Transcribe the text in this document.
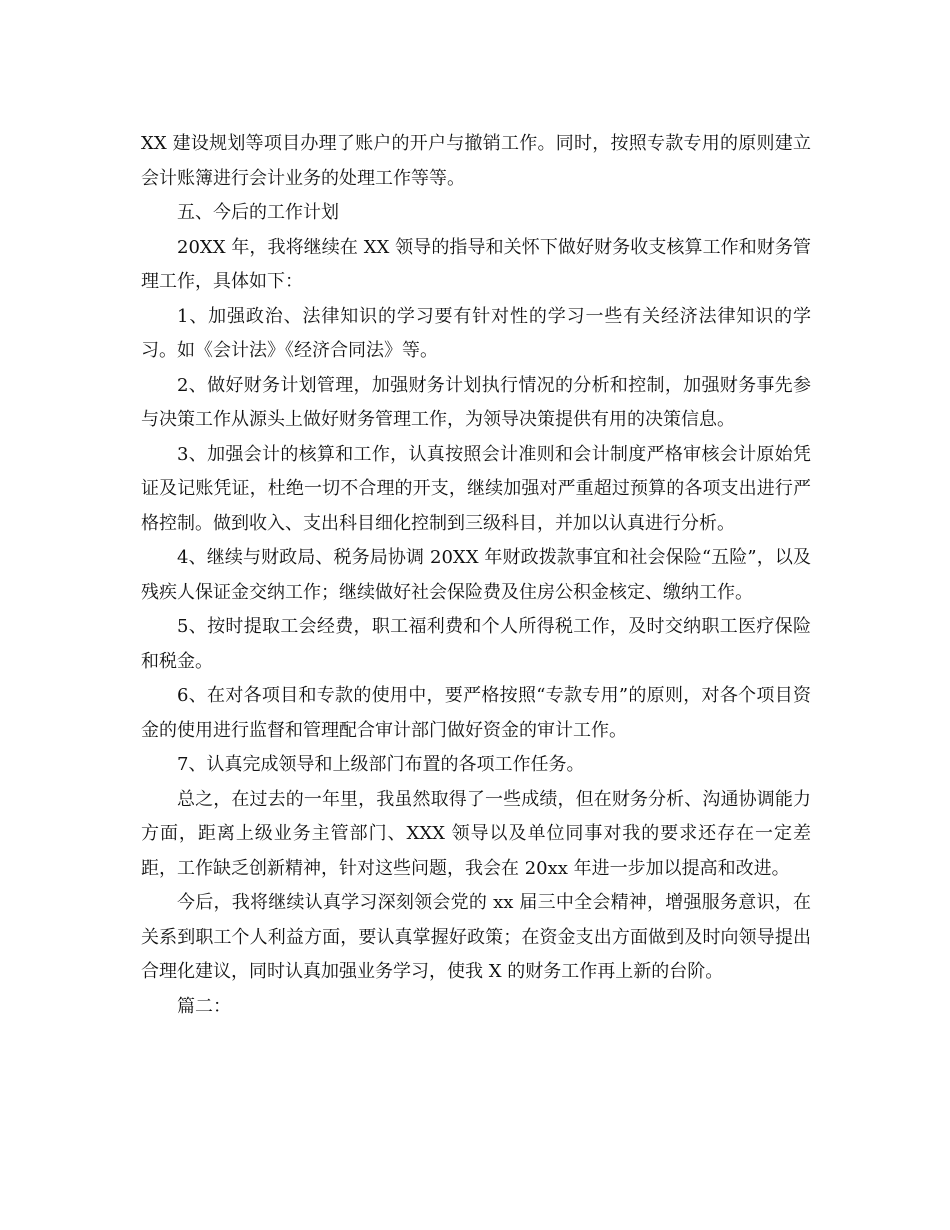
XX 建设规划等项目办理了账户的开户与撤销工作。同时，按照专款专用的原则建立会计账簿进行会计业务的处理工作等等。

五、今后的工作计划

20XX 年，我将继续在 XX 领导的指导和关怀下做好财务收支核算工作和财务管理工作，具体如下：

1、加强政治、法律知识的学习要有针对性的学习一些有关经济法律知识的学习。如《会计法》《经济合同法》等。

2、做好财务计划管理，加强财务计划执行情况的分析和控制，加强财务事先参与决策工作从源头上做好财务管理工作，为领导决策提供有用的决策信息。

3、加强会计的核算和工作，认真按照会计准则和会计制度严格审核会计原始凭证及记账凭证，杜绝一切不合理的开支，继续加强对严重超过预算的各项支出进行严格控制。做到收入、支出科目细化控制到三级科目，并加以认真进行分析。

4、继续与财政局、税务局协调 20XX 年财政拨款事宜和社会保险“五险”，以及残疾人保证金交纳工作；继续做好社会保险费及住房公积金核定、缴纳工作。

5、按时提取工会经费，职工福利费和个人所得税工作，及时交纳职工医疗保险和税金。

6、在对各项目和专款的使用中，要严格按照“专款专用”的原则，对各个项目资金的使用进行监督和管理配合审计部门做好资金的审计工作。

7、认真完成领导和上级部门布置的各项工作任务。

总之，在过去的一年里，我虽然取得了一些成绩，但在财务分析、沟通协调能力方面，距离上级业务主管部门、XXX 领导以及单位同事对我的要求还存在一定差距，工作缺乏创新精神，针对这些问题，我会在 20xx 年进一步加以提高和改进。

今后，我将继续认真学习深刻领会党的 xx 届三中全会精神，增强服务意识，在关系到职工个人利益方面，要认真掌握好政策；在资金支出方面做到及时向领导提出合理化建议，同时认真加强业务学习，使我 X 的财务工作再上新的台阶。

篇二：
